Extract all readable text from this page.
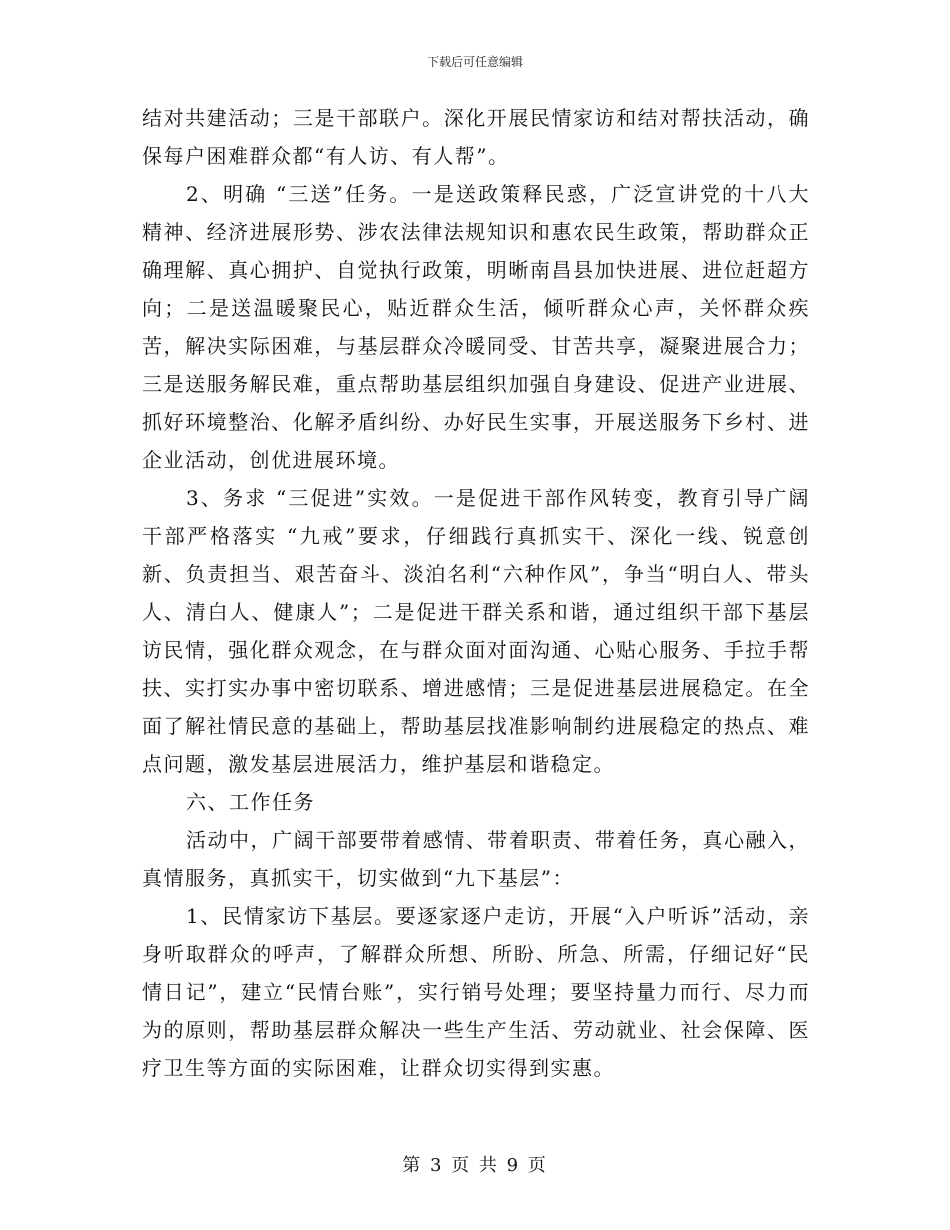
下载后可任意编辑

结对共建活动；三是干部联户。深化开展民情家访和结对帮扶活动，确保每户困难群众都“有人访、有人帮”。

2、明确 “三送”任务。一是送政策释民惑，广泛宣讲党的十八大精神、经济进展形势、涉农法律法规知识和惠农民生政策，帮助群众正确理解、真心拥护、自觉执行政策，明晰南昌县加快进展、进位赶超方向；二是送温暖聚民心，贴近群众生活，倾听群众心声，关怀群众疾苦，解决实际困难，与基层群众冷暖同受、甘苦共享，凝聚进展合力；三是送服务解民难，重点帮助基层组织加强自身建设、促进产业进展、抓好环境整治、化解矛盾纠纷、办好民生实事，开展送服务下乡村、进企业活动，创优进展环境。

3、务求 “三促进”实效。一是促进干部作风转变，教育引导广阔干部严格落实 “九戒”要求，仔细践行真抓实干、深化一线、锐意创新、负责担当、艰苦奋斗、淡泊名利“六种作风”，争当“明白人、带头人、清白人、健康人”；二是促进干群关系和谐，通过组织干部下基层访民情，强化群众观念，在与群众面对面沟通、心贴心服务、手拉手帮扶、实打实办事中密切联系、增进感情；三是促进基层进展稳定。在全面了解社情民意的基础上，帮助基层找准影响制约进展稳定的热点、难点问题，激发基层进展活力，维护基层和谐稳定。

六、工作任务

活动中，广阔干部要带着感情、带着职责、带着任务，真心融入，真情服务，真抓实干，切实做到“九下基层”：

1、民情家访下基层。要逐家逐户走访，开展“入户听诉”活动，亲身听取群众的呼声，了解群众所想、所盼、所急、所需，仔细记好“民情日记”，建立“民情台账”，实行销号处理；要坚持量力而行、尽力而为的原则，帮助基层群众解决一些生产生活、劳动就业、社会保障、医疗卫生等方面的实际困难，让群众切实得到实惠。

第 3 页 共 9 页
